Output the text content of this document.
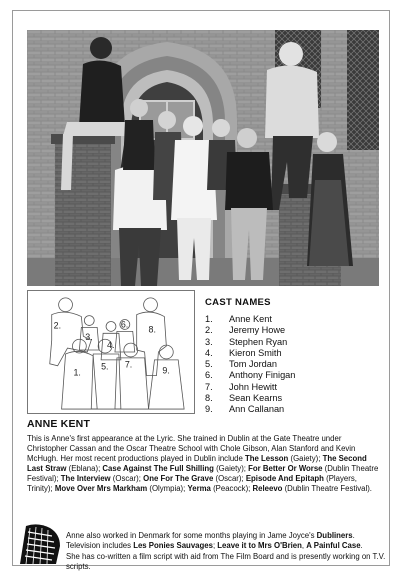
2.
3.
4.
6. 8.
1.
5. 7.
9.
CAST NAMES
1.	Anne Kent
2.	Jeremy Howe
3.	Stephen Ryan
4.	Kieron Smith
5.	Tom Jordan
6.	Anthony Finigan
7.	John Hewitt
8.	Sean Kearns
9.	Ann Callanan
ANNE KENT

This is Anne's first appearance at the Lyric. She trained in Dublin at the Gate Theatre under Christopher Cassan and the Oscar Theatre School with Chole Gibson, Alan Stanford and Kevin McHugh. Her most recent productions played in Dublin include The Lesson (Gaiety); The Second Last Straw (Eblana); Case Against The Full Shilling (Gaiety); For Better Or Worse (Dublin Theatre Festival); The Interview (Oscar); One For The Grave (Oscar); Episode And Epitaph (Players, Trinity); Move Over Mrs Markham (Olympia); Yerma (Peacock); Releevo (Dublin Theatre Festival).

Anne also worked in Denmark for some months playing in Jame Joyce's Dubliners. Television includes Les Ponies Sauvages; Leave it to Mrs O'Brien, A Painful Case.

She has co-written a film script with aid from The Film Board and is presently working on T.V. scripts.
